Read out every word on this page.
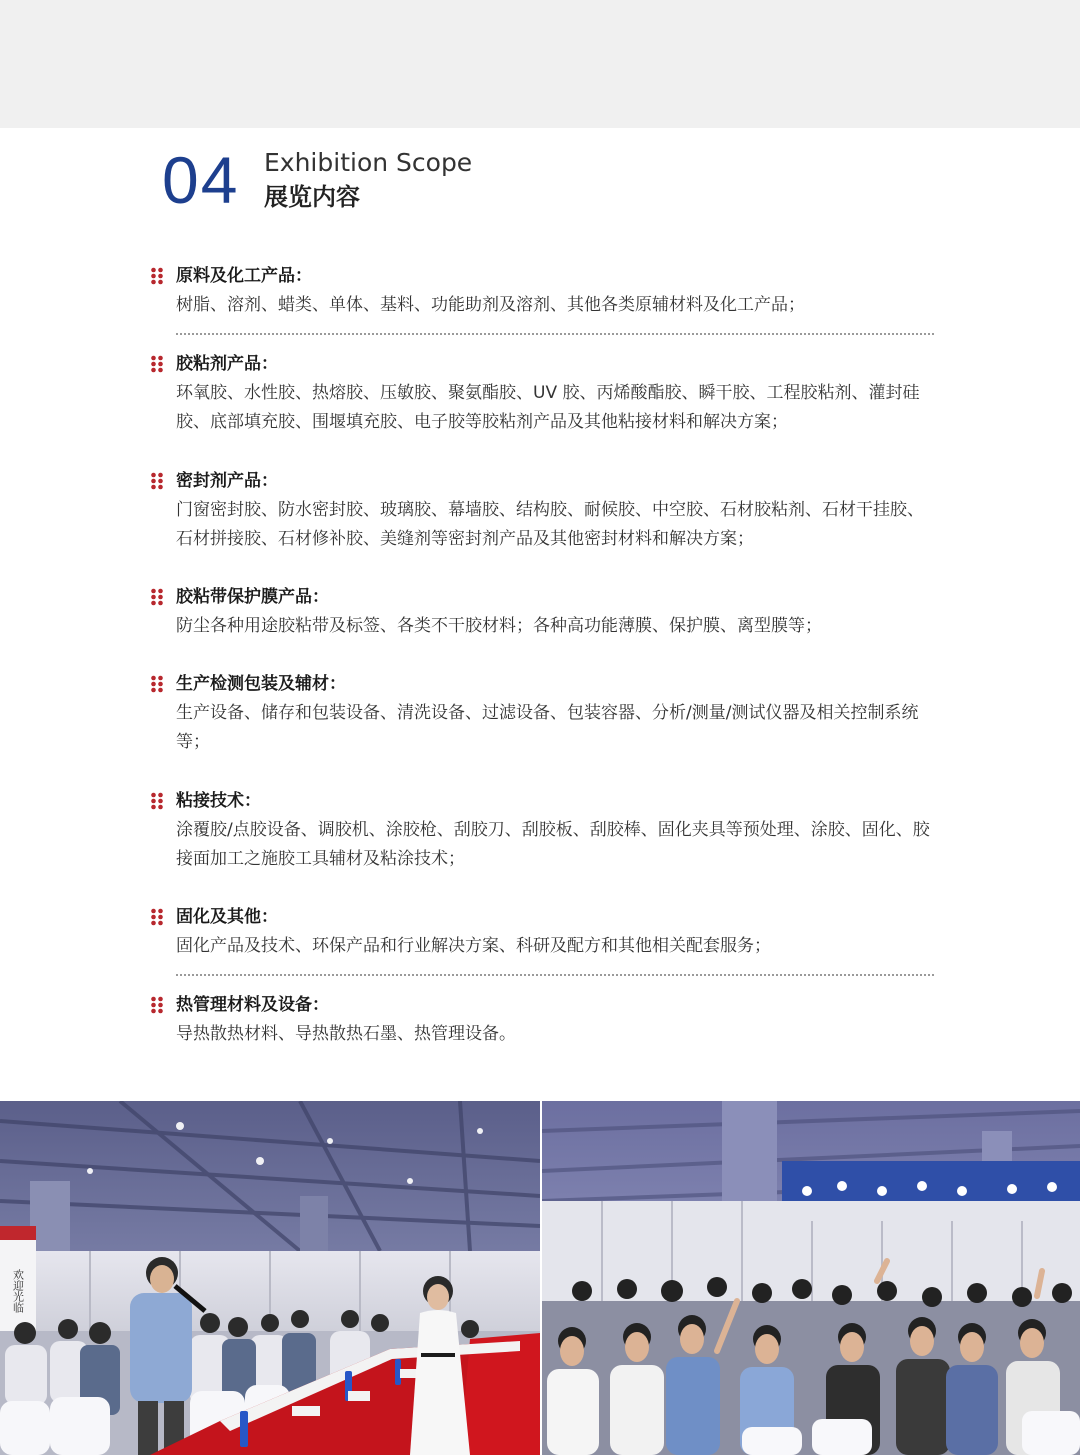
04 Exhibition Scope
展览内容
原料及化工产品：
树脂、溶剂、蜡类、单体、基料、功能助剂及溶剂、其他各类原辅材料及化工产品；
胶粘剂产品：
环氧胶、水性胶、热熔胶、压敏胶、聚氨酯胶、UV 胶、丙烯酸酯胶、瞬干胶、工程胶粘剂、灌封硅胶、底部填充胶、围堰填充胶、电子胶等胶粘剂产品及其他粘接材料和解决方案；
密封剂产品：
门窗密封胶、防水密封胶、玻璃胶、幕墙胶、结构胶、耐候胶、中空胶、石材胶粘剂、石材干挂胶、石材拼接胶、石材修补胶、美缝剂等密封剂产品及其他密封材料和解决方案；
胶粘带保护膜产品：
防尘各种用途胶粘带及标签、各类不干胶材料；各种高功能薄膜、保护膜、离型膜等；
生产检测包装及辅材：
生产设备、储存和包装设备、清洗设备、过滤设备、包装容器、分析/测量/测试仪器及相关控制系统等；
粘接技术：
涂覆胶/点胶设备、调胶机、涂胶枪、刮胶刀、刮胶板、刮胶棒、固化夹具等预处理、涂胶、固化、胶接面加工之施胶工具辅材及粘涂技术；
固化及其他：
固化产品及技术、环保产品和行业解决方案、科研及配方和其他相关配套服务；
热管理材料及设备：
导热散热材料、导热散热石墨、热管理设备。
欢迎光临
